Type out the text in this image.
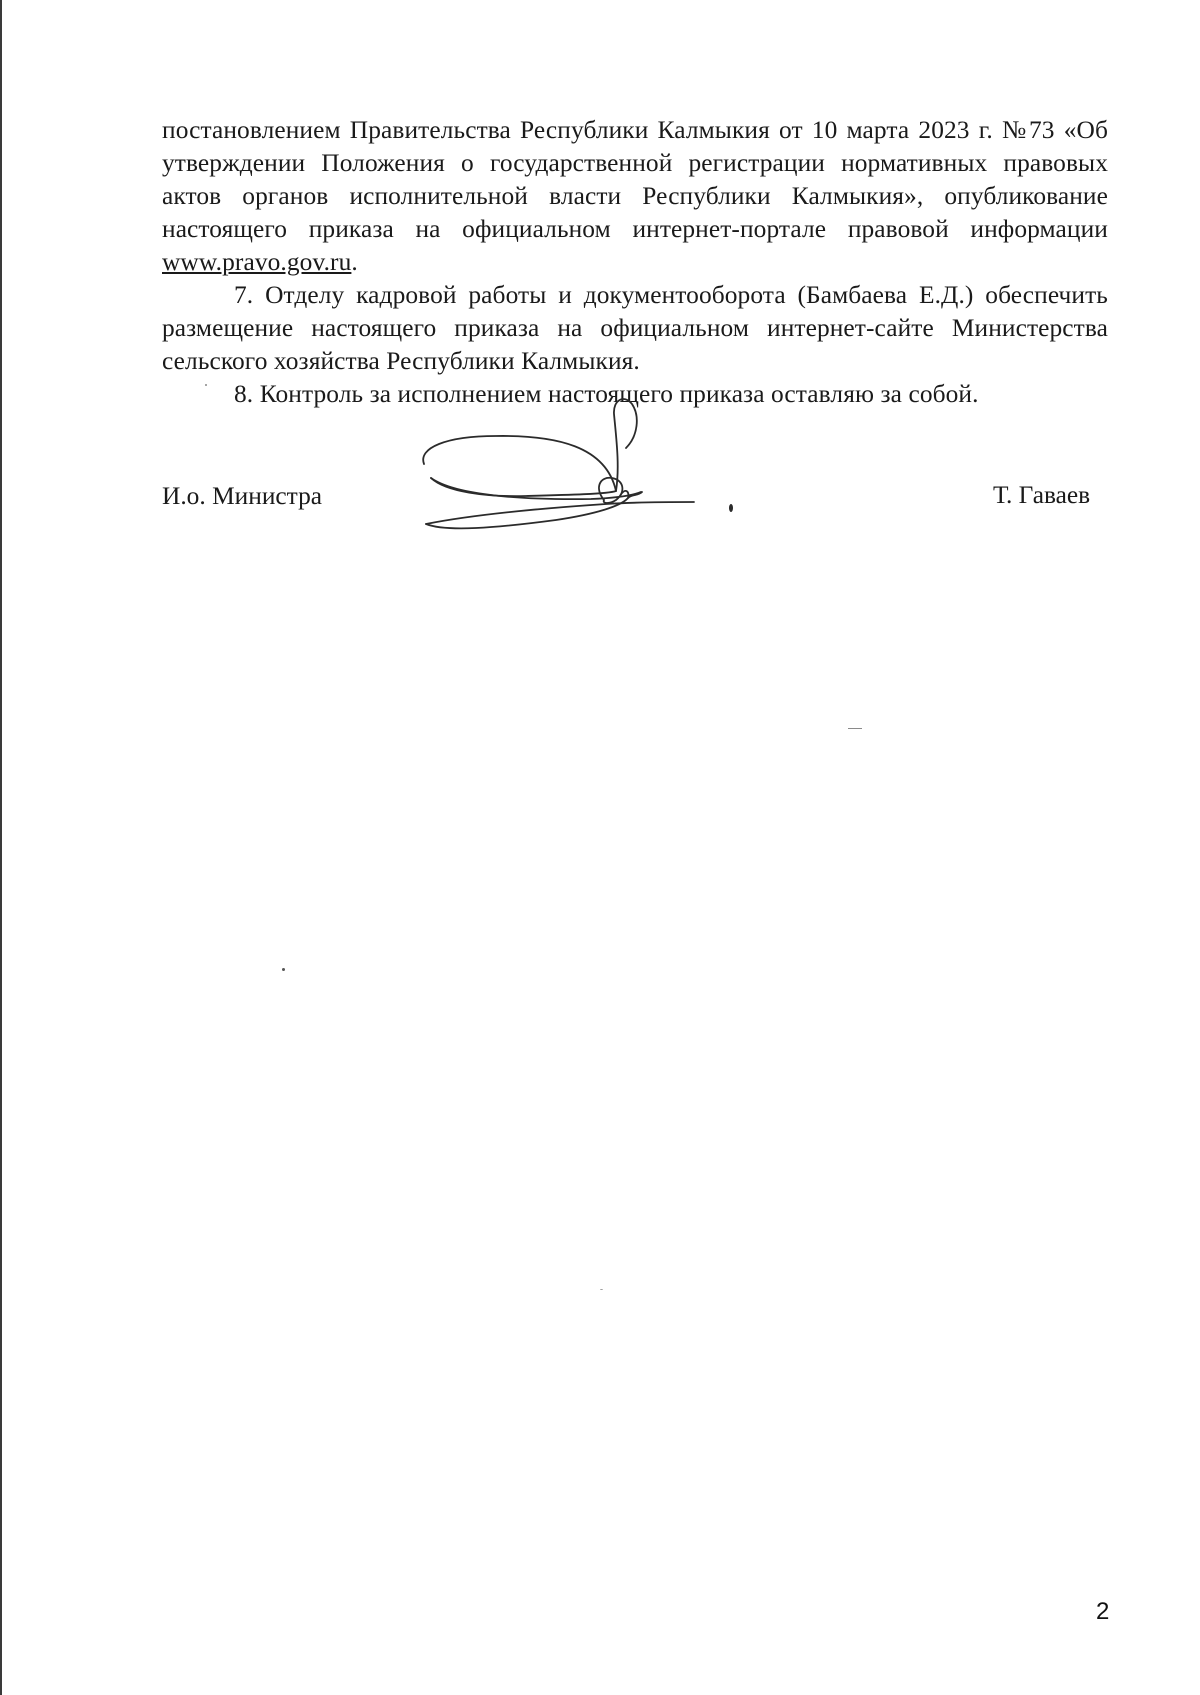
постановлением Правительства Республики Калмыкия от 10 марта 2023 г. №73 «Об утверждении Положения о государственной регистрации нормативных правовых актов органов исполнительной власти Республики Калмыкия», опубликование настоящего приказа на официальном интернет-портале правовой информации www.pravo.gov.ru.

7. Отделу кадровой работы и документооборота (Бамбаева Е.Д.) обеспечить размещение настоящего приказа на официальном интернет-сайте Министерства сельского хозяйства Республики Калмыкия.

8. Контроль за исполнением настоящего приказа оставляю за собой.

И.о. Министра	Т. Гаваев
2
